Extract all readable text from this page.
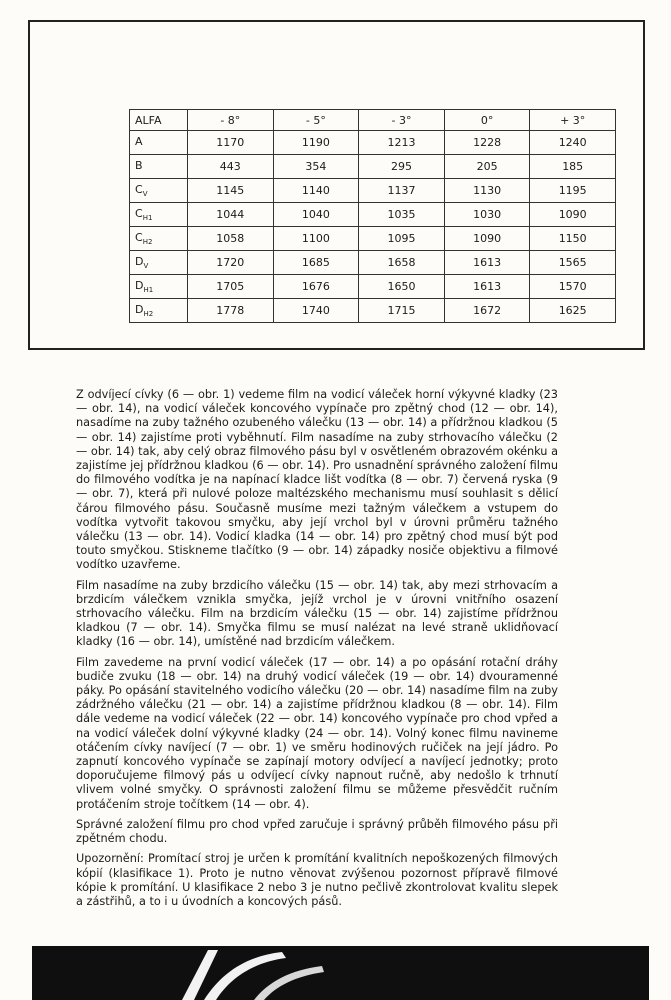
ALFA	- 8°	- 5°	- 3°	0°	+ 3°
A	1170	1190	1213	1228	1240
B	443	354	295	205	185
$C_V$	1145	1140	1137	1130	1195
$C_{H1}$	1044	1040	1035	1030	1090
$C_{H2}$	1058	1100	1095	1090	1150
$D_V$	1720	1685	1658	1613	1565
$D_{H1}$	1705	1676	1650	1613	1570
$D_{H2}$	1778	1740	1715	1672	1625

Z odvíjecí cívky (6 — obr. 1) vedeme film na vodicí váleček horní výkyvné kladky (23 — obr. 14), na vodicí váleček koncového vypínače pro zpětný chod (12 — obr. 14), nasadíme na zuby tažného ozubeného válečku (13 — obr. 14) a přídržnou kladkou (5 — obr. 14) zajistíme proti vyběhnutí. Film nasadíme na zuby strhovacího válečku (2 — obr. 14) tak, aby celý obraz filmového pásu byl v osvětleném obrazovém okénku a zajistíme jej přídržnou kladkou (6 — obr. 14). Pro usnadnění správného založení filmu do filmového vodítka je na napínací kladce lišt vodítka (8 — obr. 7) červená ryska (9 — obr. 7), která při nulové poloze maltézského mechanismu musí souhlasit s dělicí čárou filmového pásu. Současně musíme mezi tažným válečkem a vstupem do vodítka vytvořit takovou smyčku, aby její vrchol byl v úrovni průměru tažného válečku (13 — obr. 14). Vodicí kladka (14 — obr. 14) pro zpětný chod musí být pod touto smyčkou. Stiskneme tlačítko (9 — obr. 14) západky nosiče objektivu a filmové vodítko uzavřeme.

Film nasadíme na zuby brzdicího válečku (15 — obr. 14) tak, aby mezi strhovacím a brzdicím válečkem vznikla smyčka, jejíž vrchol je v úrovni vnitřního osazení strhovacího válečku. Film na brzdicím válečku (15 — obr. 14) zajistíme přídržnou kladkou (7 — obr. 14). Smyčka filmu se musí nalézat na levé straně uklidňovací kladky (16 — obr. 14), umístěné nad brzdicím válečkem.

Film zavedeme na první vodicí váleček (17 — obr. 14) a po opásání rotační dráhy budiče zvuku (18 — obr. 14) na druhý vodicí váleček (19 — obr. 14) dvouramenné páky. Po opásání stavitelného vodicího válečku (20 — obr. 14) nasadíme film na zuby zádržného válečku (21 — obr. 14) a zajistíme přídržnou kladkou (8 — obr. 14). Film dále vedeme na vodicí váleček (22 — obr. 14) koncového vypínače pro chod vpřed a na vodicí váleček dolní výkyvné kladky (24 — obr. 14). Volný konec filmu navineme otáčením cívky navíjecí (7 — obr. 1) ve směru hodinových ručiček na její jádro. Po zapnutí koncového vypínače se zapínají motory odvíjecí a navíjecí jednotky; proto doporučujeme filmový pás u odvíjecí cívky napnout ručně, aby nedošlo k trhnutí vlivem volné smyčky. O správnosti založení filmu se můžeme přesvědčit ručním protáčením stroje točítkem (14 — obr. 4).

Správné založení filmu pro chod vpřed zaručuje i správný průběh filmového pásu při zpětném chodu.

Upozornění: Promítací stroj je určen k promítání kvalitních nepoškozených filmových kópií (klasifikace 1). Proto je nutno věnovat zvýšenou pozornost přípravě filmové kópie k promítání. U klasifikace 2 nebo 3 je nutno pečlivě zkontrolovat kvalitu slepek a zástřihů, a to i u úvodních a koncových pásů.
